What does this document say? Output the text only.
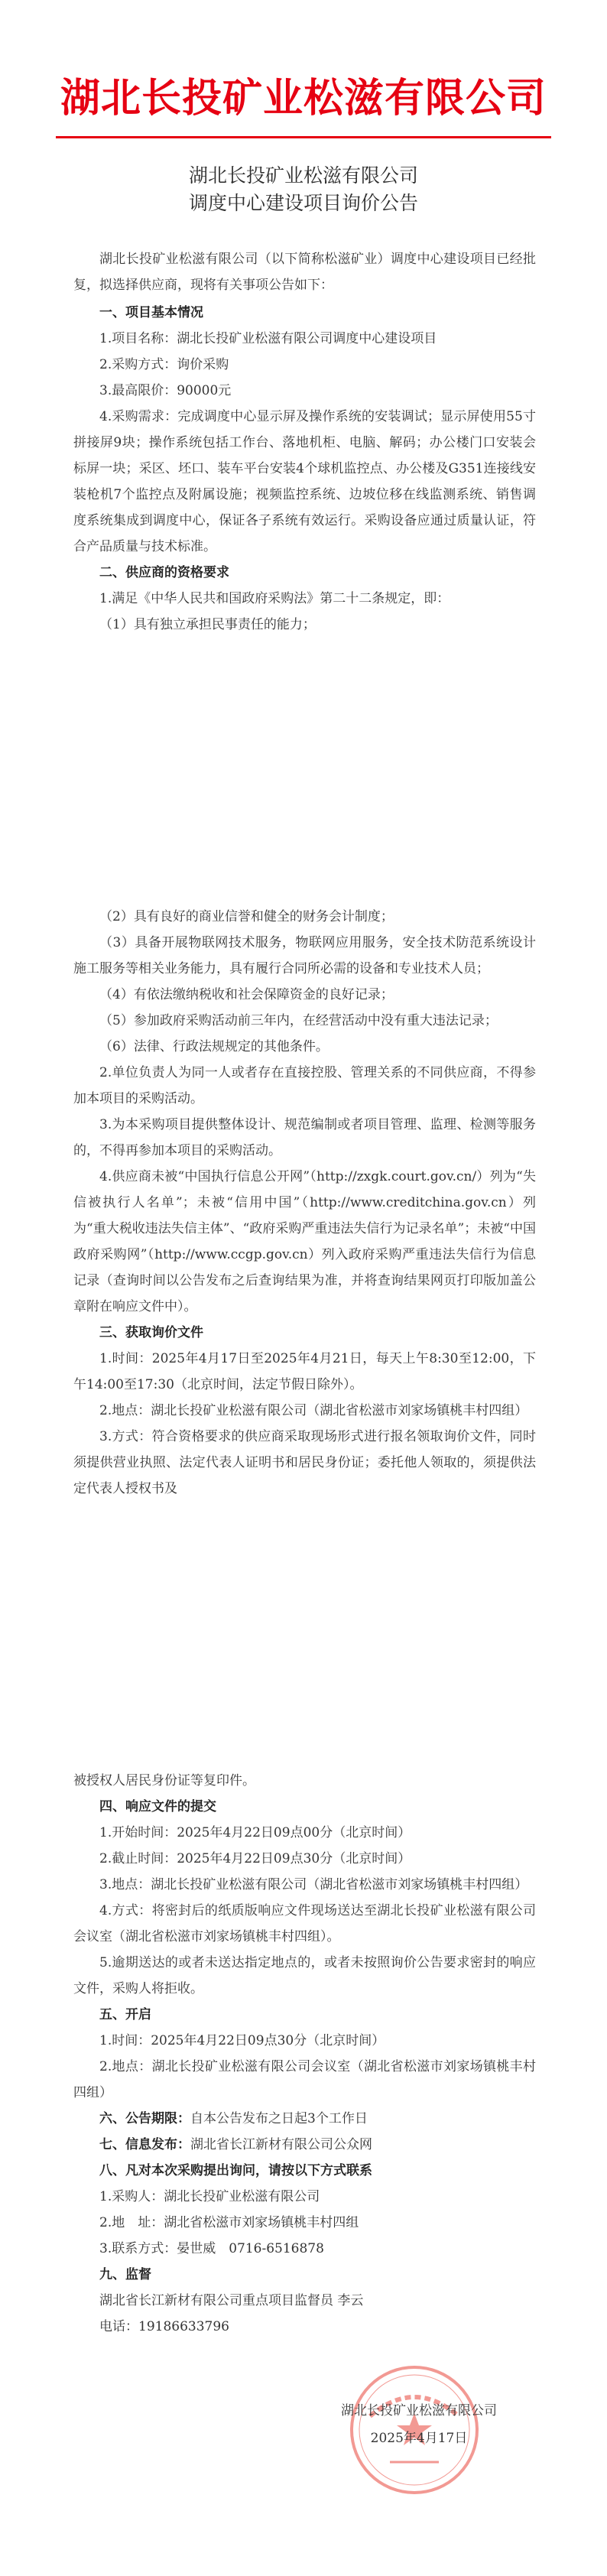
湖北长投矿业松滋有限公司
湖北长投矿业松滋有限公司
调度中心建设项目询价公告

湖北长投矿业松滋有限公司（以下简称松滋矿业）调度中心建设项目已经批复，拟选择供应商，现将有关事项公告如下：

一、项目基本情况

1.项目名称：湖北长投矿业松滋有限公司调度中心建设项目

2.采购方式：询价采购

3.最高限价：90000元

4.采购需求：完成调度中心显示屏及操作系统的安装调试；显示屏使用55寸拼接屏9块；操作系统包括工作台、落地机柜、电脑、解码；办公楼门口安装会标屏一块；采区、坯口、装车平台安装4个球机监控点、办公楼及G351连接线安装枪机7个监控点及附属设施；视频监控系统、边坡位移在线监测系统、销售调度系统集成到调度中心，保证各子系统有效运行。采购设备应通过质量认证，符合产品质量与技术标准。

二、供应商的资格要求

1.满足《中华人民共和国政府采购法》第二十二条规定，即：

（1）具有独立承担民事责任的能力；

（2）具有良好的商业信誉和健全的财务会计制度；

（3）具备开展物联网技术服务，物联网应用服务，安全技术防范系统设计施工服务等相关业务能力，具有履行合同所必需的设备和专业技术人员；

（4）有依法缴纳税收和社会保障资金的良好记录；

（5）参加政府采购活动前三年内，在经营活动中没有重大违法记录；

（6）法律、行政法规规定的其他条件。

2.单位负责人为同一人或者存在直接控股、管理关系的不同供应商，不得参加本项目的采购活动。

3.为本采购项目提供整体设计、规范编制或者项目管理、监理、检测等服务的，不得再参加本项目的采购活动。

4.供应商未被“中国执行信息公开网”（http://zxgk.court.gov.cn/）列为“失信被执行人名单”；未被“信用中国”（http://www.creditchina.gov.cn）列为“重大税收违法失信主体”、“政府采购严重违法失信行为记录名单”；未被“中国政府采购网”（http://www.ccgp.gov.cn）列入政府采购严重违法失信行为信息记录（查询时间以公告发布之后查询结果为准，并将查询结果网页打印版加盖公章附在响应文件中）。

三、获取询价文件

1.时间：2025年4月17日至2025年4月21日，每天上午8:30至12:00，下午14:00至17:30（北京时间，法定节假日除外）。

2.地点：湖北长投矿业松滋有限公司（湖北省松滋市刘家场镇桃丰村四组）

3.方式：符合资格要求的供应商采取现场形式进行报名领取询价文件，同时须提供营业执照、法定代表人证明书和居民身份证；委托他人领取的，须提供法定代表人授权书及

被授权人居民身份证等复印件。

四、响应文件的提交

1.开始时间：2025年4月22日09点00分（北京时间）

2.截止时间：2025年4月22日09点30分（北京时间）

3.地点：湖北长投矿业松滋有限公司（湖北省松滋市刘家场镇桃丰村四组）

4.方式：将密封后的纸质版响应文件现场送达至湖北长投矿业松滋有限公司会议室（湖北省松滋市刘家场镇桃丰村四组）。

5.逾期送达的或者未送达指定地点的，或者未按照询价公告要求密封的响应文件，采购人将拒收。

五、开启

1.时间：2025年4月22日09点30分（北京时间）

2.地点：湖北长投矿业松滋有限公司会议室（湖北省松滋市刘家场镇桃丰村四组）

六、公告期限：自本公告发布之日起3个工作日

七、信息发布：湖北省长江新材有限公司公众网

八、凡对本次采购提出询问，请按以下方式联系

1.采购人：湖北长投矿业松滋有限公司

2.地　址：湖北省松滋市刘家场镇桃丰村四组

3.联系方式：晏世威　0716-6516878

九、监督

湖北省长江新材有限公司重点项目监督员 李云

电话：19186633796

湖北长投矿业松滋有限公司
2025年4月17日
